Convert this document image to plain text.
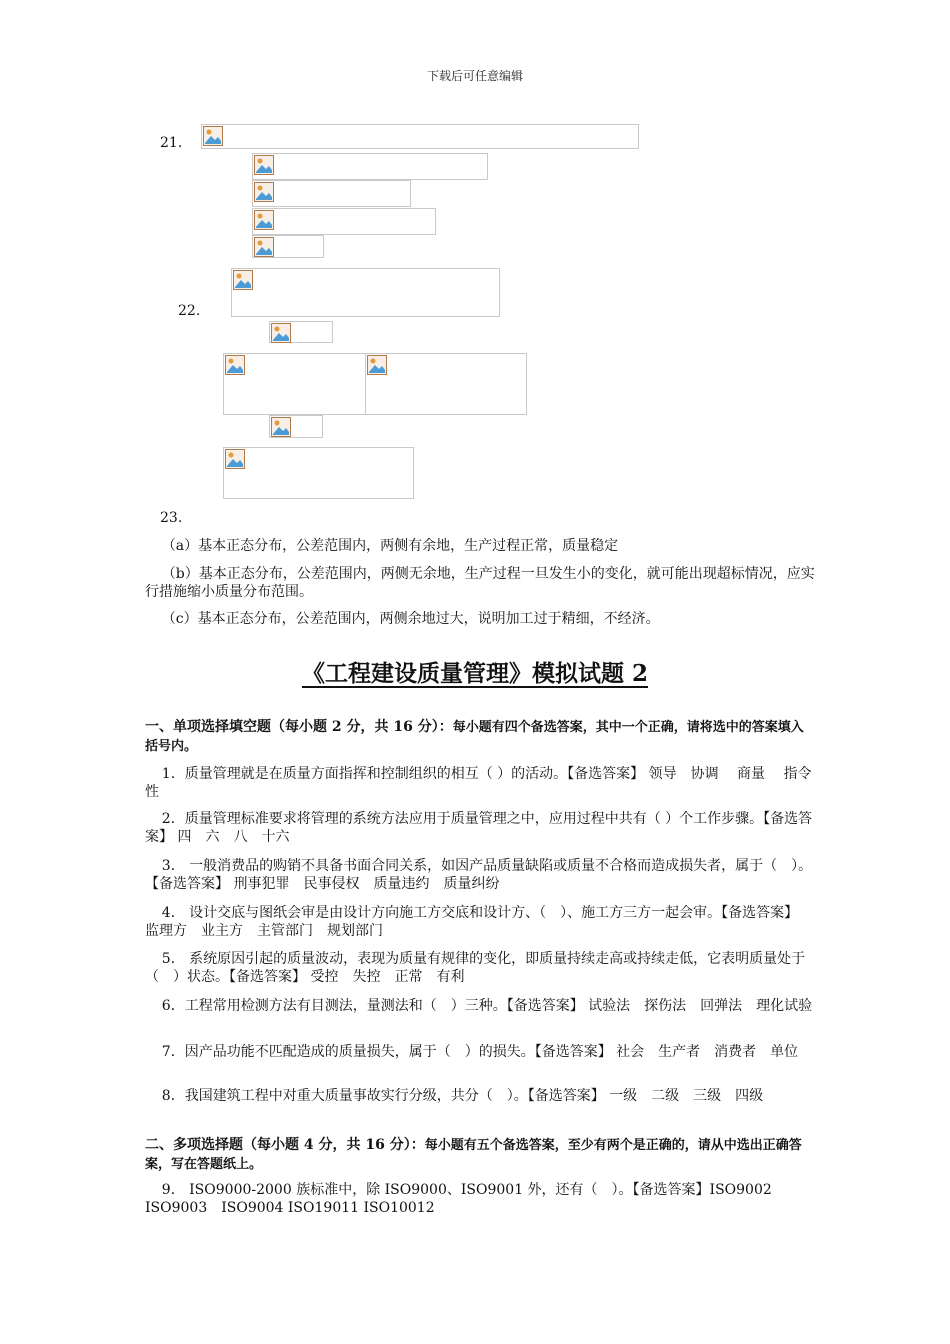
下载后可任意编辑
21.
22.
23.
（a）基本正态分布，公差范围内，两侧有余地，生产过程正常，质量稳定
（b）基本正态分布，公差范围内，两侧无余地，生产过程一旦发生小的变化，就可能出现超标情况，应实行措施缩小质量分布范围。
（c）基本正态分布，公差范围内，两侧余地过大，说明加工过于精细，不经济。
《工程建设质量管理》模拟试题 2
一、单项选择填空题（每小题 2 分，共 16 分）：每小题有四个备选答案，其中一个正确，请将选中的答案填入括号内。
1．质量管理就是在质量方面指挥和控制组织的相互（ ）的活动。【备选答案】 领导　协调　 商量　 指令性
2．质量管理标准要求将管理的系统方法应用于质量管理之中，应用过程中共有（ ）个工作步骤。【备选答案】 四　六　八　十六
3． 一般消费品的购销不具备书面合同关系，如因产品质量缺陷或质量不合格而造成损失者，属于（　）。【备选答案】 刑事犯罪　民事侵权　质量违约　质量纠纷
4． 设计交底与图纸会审是由设计方向施工方交底和设计方、（　）、施工方三方一起会审。【备选答案】 监理方　业主方　主管部门　规划部门
5． 系统原因引起的质量波动，表现为质量有规律的变化，即质量持续走高或持续走低，它表明质量处于（　）状态。【备选答案】 受控　失控　正常　有利
6．工程常用检测方法有目测法，量测法和（　）三种。【备选答案】 试验法　探伤法　回弹法　理化试验
7．因产品功能不匹配造成的质量损失，属于（　）的损失。【备选答案】 社会　生产者　消费者　单位
8．我国建筑工程中对重大质量事故实行分级，共分（　）。【备选答案】 一级　二级　三级　四级
二、多项选择题（每小题 4 分，共 16 分）：每小题有五个备选答案，至少有两个是正确的，请从中选出正确答案，写在答题纸上。
9． ISO9000-2000 族标准中，除 ISO9000、ISO9001 外，还有（　）。【备选答案】ISO9002 ISO9003　ISO9004 ISO19011 ISO10012
